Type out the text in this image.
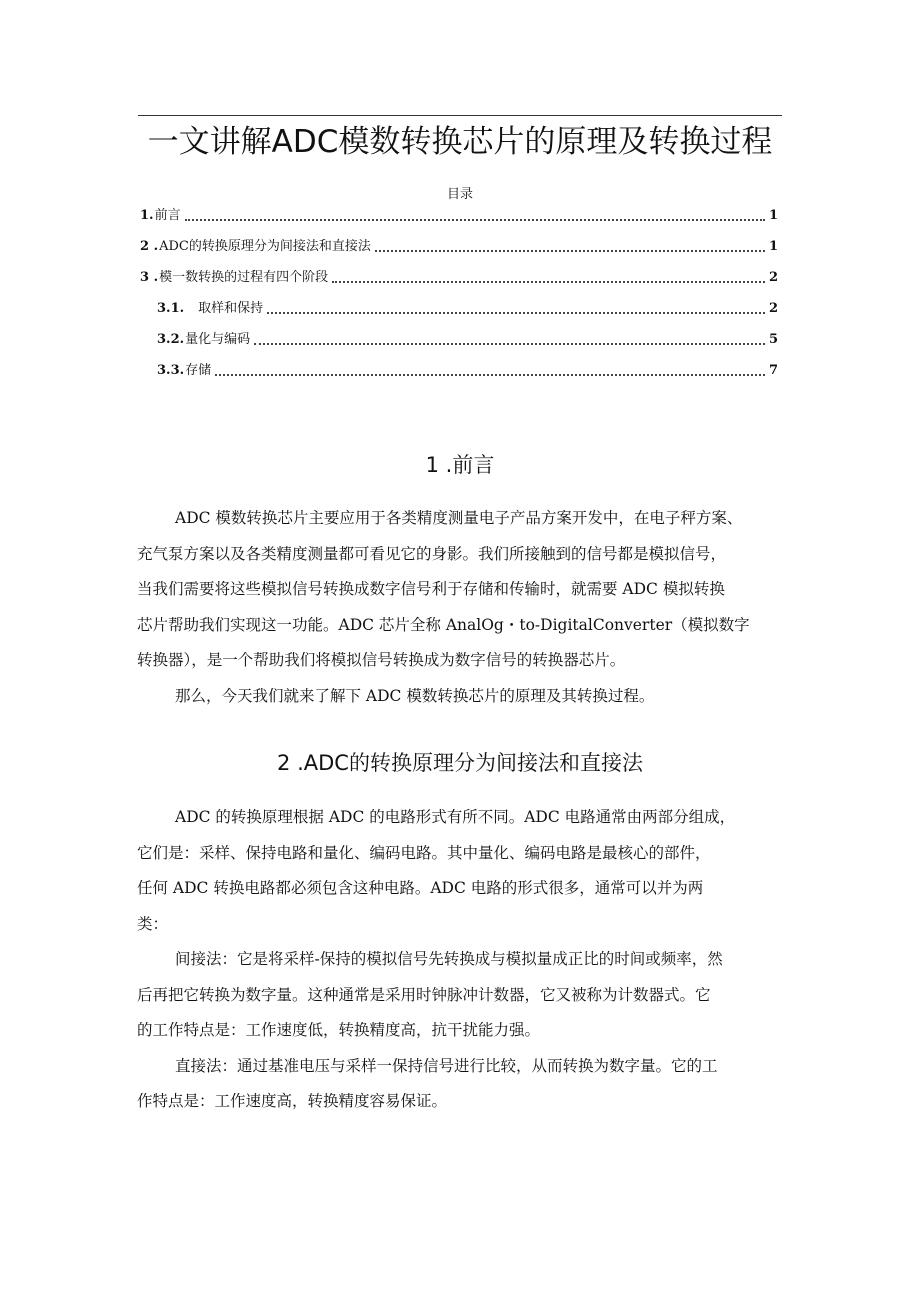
一文讲解ADC模数转换芯片的原理及转换过程
目录
1. 前言	1
2 . ADC的转换原理分为间接法和直接法	1
3 . 模一数转换的过程有四个阶段	2
3.1. 取样和保持	2
3.2. 量化与编码	5
3.3. 存储	7
1 .前言
ADC 模数转换芯片主要应用于各类精度测量电子产品方案开发中，在电子秤方案、
充气泵方案以及各类精度测量都可看见它的身影。我们所接触到的信号都是模拟信号，
当我们需要将这些模拟信号转换成数字信号利于存储和传输时，就需要 ADC 模拟转换
芯片帮助我们实现这一功能。ADC 芯片全称 AnalOg・to-DigitalConverter（模拟数字
转换器），是一个帮助我们将模拟信号转换成为数字信号的转换器芯片。
那么，今天我们就来了解下 ADC 模数转换芯片的原理及其转换过程。
2 .ADC的转换原理分为间接法和直接法
ADC 的转换原理根据 ADC 的电路形式有所不同。ADC 电路通常由两部分组成，
它们是：采样、保持电路和量化、编码电路。其中量化、编码电路是最核心的部件，
任何 ADC 转换电路都必须包含这种电路。ADC 电路的形式很多，通常可以并为两
类：
间接法：它是将采样-保持的模拟信号先转换成与模拟量成正比的时间或频率，然
后再把它转换为数字量。这种通常是采用时钟脉冲计数器，它又被称为计数器式。它
的工作特点是：工作速度低，转换精度高，抗干扰能力强。
直接法：通过基准电压与采样一保持信号进行比较，从而转换为数字量。它的工
作特点是：工作速度高，转换精度容易保证。
